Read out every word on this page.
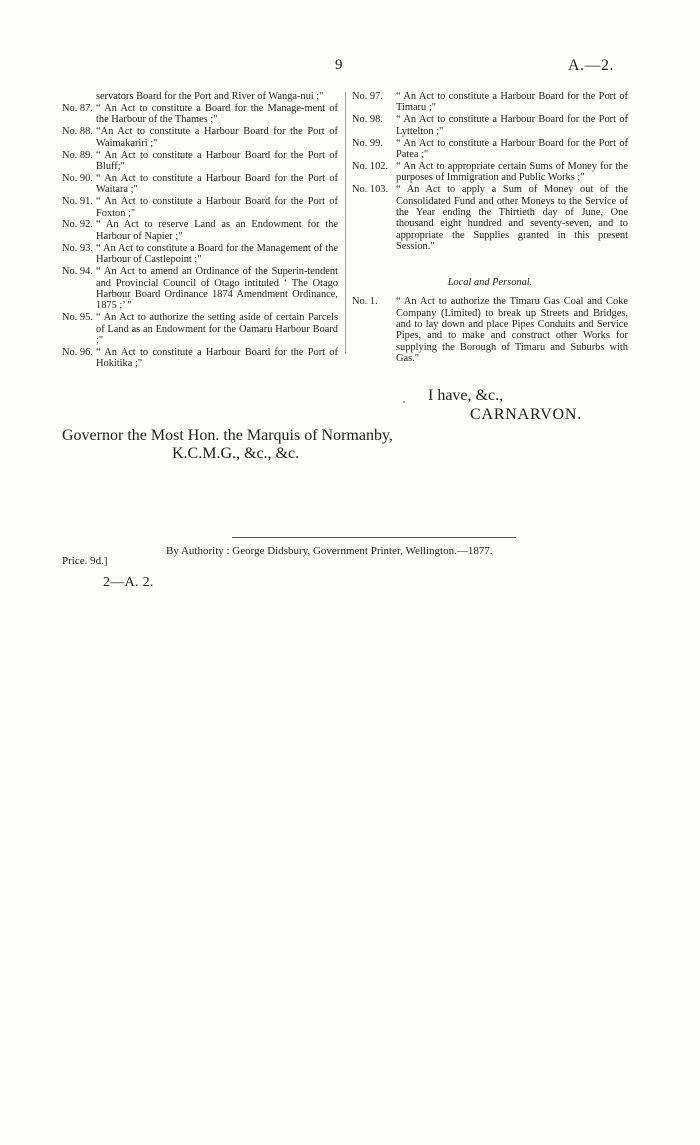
9	A.—2.
servators Board for the Port and River of Wanga-nui ;"
No. 87. “ An Act to constitute a Board for the Manage-ment of the Harbour of the Thames ;"
No. 88. “An Act to constitute a Harbour Board for the Port of Waimakariri ;"
No. 89. “ An Act to constitute a Harbour Board for the Port of Bluff;"
No. 90. “ An Act to constitute a Harbour Board for the Port of Waitara ;"
No. 91. “ An Act to constitute a Harbour Board for the Port of Foxton ;"
No. 92. “ An Act to reserve Land as an Endowment for the Harbour of Napier ;"
No. 93. “ An Act to constitute a Board for the Management of the Harbour of Castlepoint ;"
No. 94. “ An Act to amend an Ordinance of the Superin-tendent and Provincial Council of Otago intituled ‘ The Otago Harbour Board Ordinance 1874 Amendment Ordinance, 1875 ;’ "
No. 95. “ An Act to authorize the setting aside of certain Parcels of Land as an Endowment for the Oamaru Harbour Board ;"
No. 96. “ An Act to constitute a Harbour Board for the Port of Hokitika ;"
No. 97.	“ An Act to constitute a Harbour Board for the Port of Timaru ;"
No. 98.	“ An Act to constitute a Harbour Board for the Port of Lyttelton ;"
No. 99.	“ An Act to constitute a Harbour Board for the Port of Patea ;"
No. 102. “ An Act to appropriate certain Sums of Money for the purposes of Immigration and Public Works ;"
No. 103. “ An Act to apply a Sum of Money out of the Consolidated Fund and other Moneys to the Service of the Year ending the Thirtieth day of June, One thousand eight hundred and seventy-seven, and to appropriate the Supplies granted in this present Session."
Local and Personal.
No. 1.	“ An Act to authorize the Timaru Gas Coal and Coke Company (Limited) to break up Streets and Bridges, and to lay down and place Pipes Conduits and Service Pipes, and to make and construct other Works for supplying the Borough of Timaru and Suburbs with Gas."
I have, &c.,
CARNARVON.
Governor the Most Hon. the Marquis of Normanby,
K.C.M.G., &c., &c.
By Authority : George Didsbury, Government Printer, Wellington.—1877.
Price. 9d.]
2—A. 2.
